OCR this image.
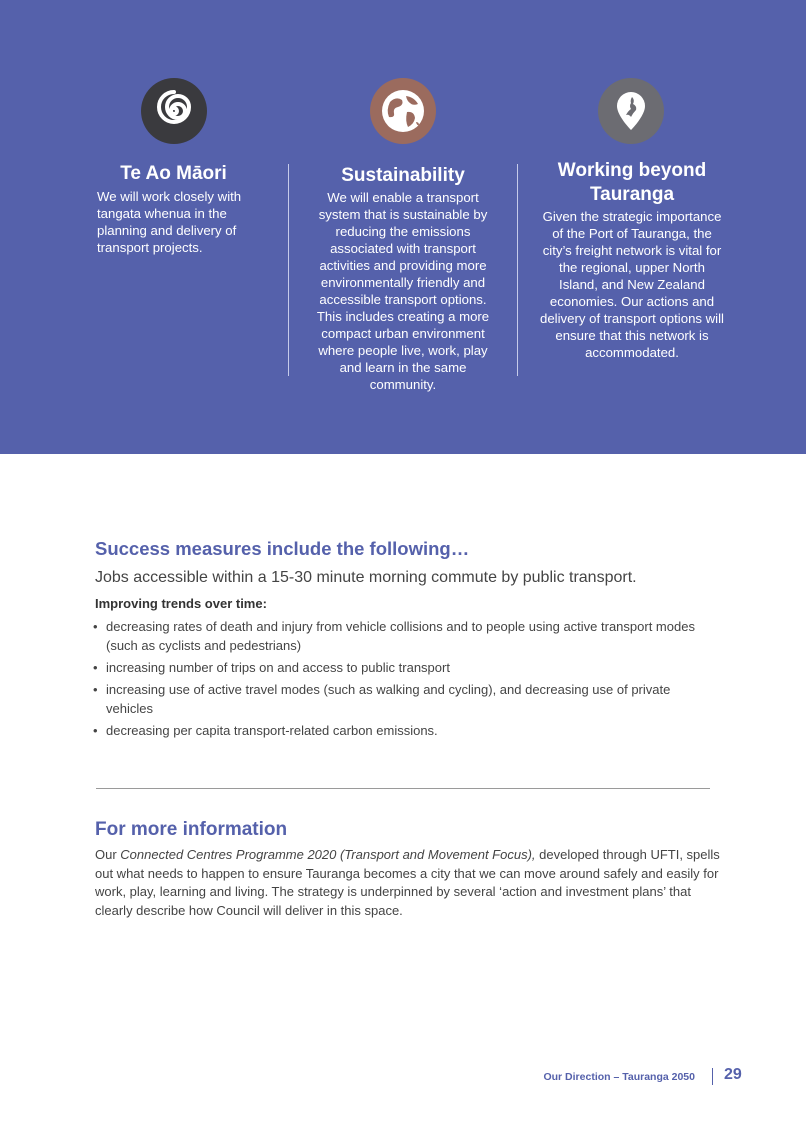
Te Ao Māori

We will work closely with tangata whenua in the planning and delivery of transport projects.

Sustainability

We will enable a transport system that is sustainable by reducing the emissions associated with transport activities and providing more environmentally friendly and accessible transport options. This includes creating a more compact urban environment where people live, work, play and learn in the same community.

Working beyond
Tauranga

Given the strategic importance of the Port of Tauranga, the city’s freight network is vital for the regional, upper North Island, and New Zealand economies. Our actions and delivery of transport options will ensure that this network is accommodated.

Success measures include the following…

Jobs accessible within a 15-30 minute morning commute by public transport.

Improving trends over time:

• decreasing rates of death and injury from vehicle collisions and to people using active transport modes (such as cyclists and pedestrians)
• increasing number of trips on and access to public transport
• increasing use of active travel modes (such as walking and cycling), and decreasing use of private vehicles
• decreasing per capita transport-related carbon emissions.
For more information

Our Connected Centres Programme 2020 (Transport and Movement Focus), developed through UFTI, spells out what needs to happen to ensure Tauranga becomes a city that we can move around safely and easily for work, play, learning and living. The strategy is underpinned by several ‘action and investment plans’ that clearly describe how Council will deliver in this space.

Our Direction – Tauranga 2050 29
